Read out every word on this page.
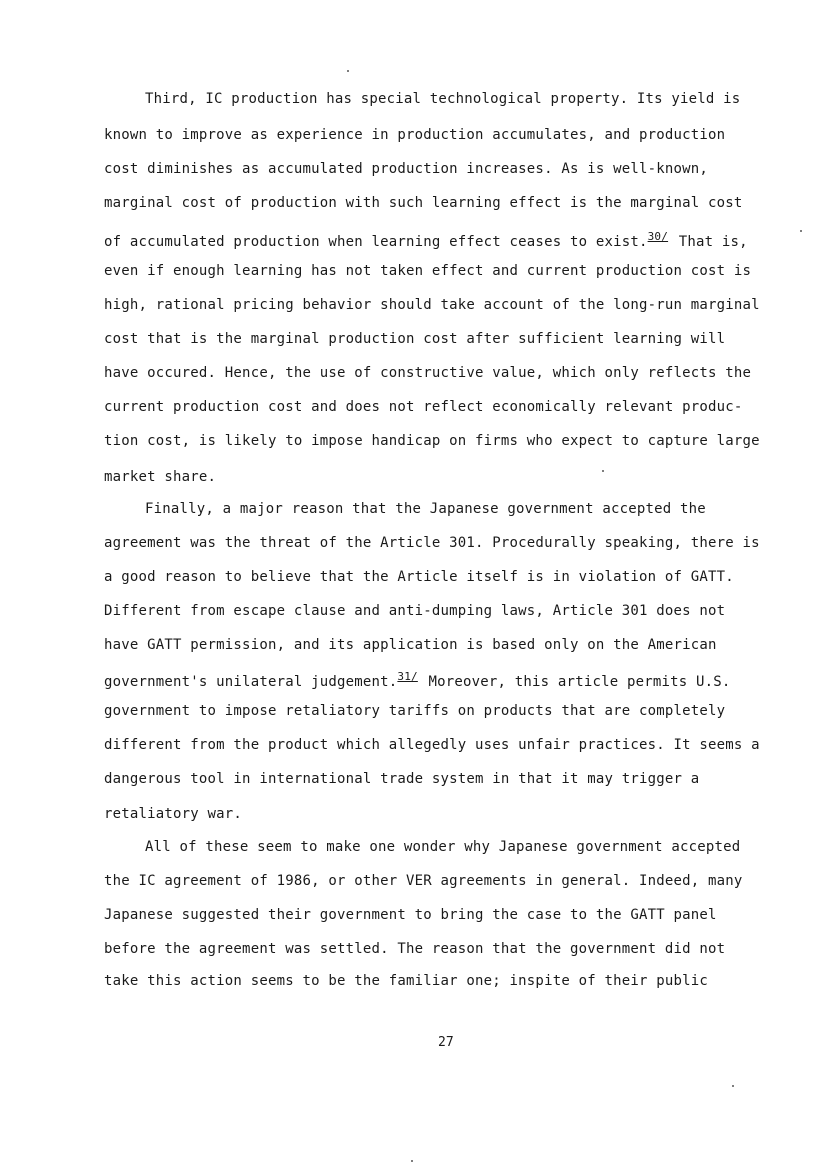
Third, IC production has special technological property. Its yield is
known to improve as experience in production accumulates, and production
cost diminishes as accumulated production increases. As is well-known,
marginal cost of production with such learning effect is the marginal cost
of accumulated production when learning effect ceases to exist.$^{30/}$ That is,
even if enough learning has not taken effect and current production cost is
high, rational pricing behavior should take account of the long-run marginal
cost that is the marginal production cost after sufficient learning will
have occured. Hence, the use of constructive value, which only reflects the
current production cost and does not reflect economically relevant produc-
tion cost, is likely to impose handicap on firms who expect to capture large
market share.
Finally, a major reason that the Japanese government accepted the
agreement was the threat of the Article 301. Procedurally speaking, there is
a good reason to believe that the Article itself is in violation of GATT.
Different from escape clause and anti-dumping laws, Article 301 does not
have GATT permission, and its application is based only on the American
government's unilateral judgement.$^{31/}$ Moreover, this article permits U.S.
government to impose retaliatory tariffs on products that are completely
different from the product which allegedly uses unfair practices. It seems a
dangerous tool in international trade system in that it may trigger a
retaliatory war.
All of these seem to make one wonder why Japanese government accepted
the IC agreement of 1986, or other VER agreements in general. Indeed, many
Japanese suggested their government to bring the case to the GATT panel
before the agreement was settled. The reason that the government did not
take this action seems to be the familiar one; inspite of their public
27
